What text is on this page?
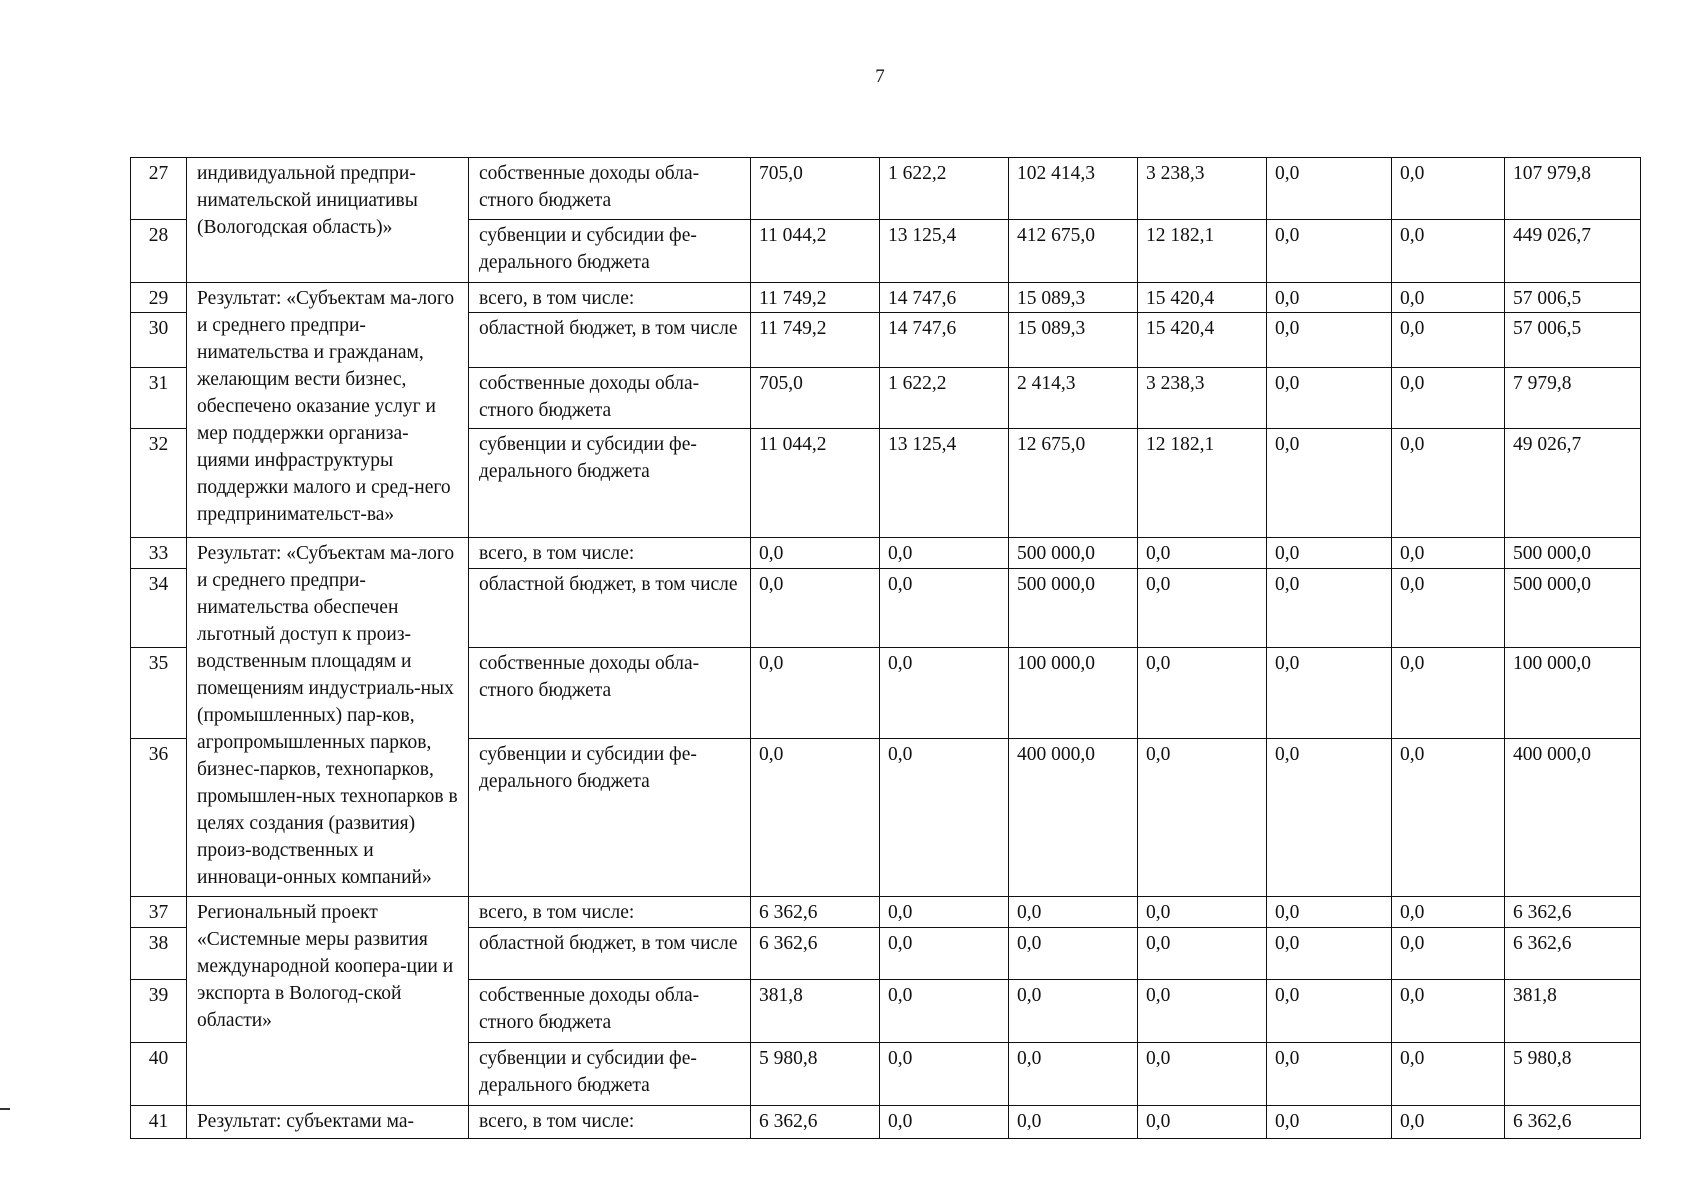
7
27	индивидуальной предпри-нимательской инициативы (Вологодская область)»	собственные доходы обла-стного бюджета	705,0	1 622,2	102 414,3	3 238,3	0,0	0,0	107 979,8
28		субвенции и субсидии фе-дерального бюджета	11 044,2	13 125,4	412 675,0	12 182,1	0,0	0,0	449 026,7
29	Результат: «Субъектам ма-лого и среднего предпри-нимательства и гражданам, желающим вести бизнес, обеспечено оказание услуг и мер поддержки организа-циями инфраструктуры поддержки малого и сред-него предпринимательст-ва»	всего, в том числе:	11 749,2	14 747,6	15 089,3	15 420,4	0,0	0,0	57 006,5
30		областной бюджет, в том числе	11 749,2	14 747,6	15 089,3	15 420,4	0,0	0,0	57 006,5
31		собственные доходы обла-стного бюджета	705,0	1 622,2	2 414,3	3 238,3	0,0	0,0	7 979,8
32		субвенции и субсидии фе-дерального бюджета	11 044,2	13 125,4	12 675,0	12 182,1	0,0	0,0	49 026,7
33	Результат: «Субъектам ма-лого и среднего предпри-нимательства обеспечен льготный доступ к произ-водственным площадям и помещениям индустриаль-ных (промышленных) пар-ков, агропромышленных парков, бизнес-парков, технопарков, промышлен-ных технопарков в целях создания (развития) произ-водственных и инноваци-онных компаний»	всего, в том числе:	0,0	0,0	500 000,0	0,0	0,0	0,0	500 000,0
34		областной бюджет, в том числе	0,0	0,0	500 000,0	0,0	0,0	0,0	500 000,0
35		собственные доходы обла-стного бюджета	0,0	0,0	100 000,0	0,0	0,0	0,0	100 000,0
36		субвенции и субсидии фе-дерального бюджета	0,0	0,0	400 000,0	0,0	0,0	0,0	400 000,0
37	Региональный проект «Системные меры развития международной коопера-ции и экспорта в Вологод-ской области»	всего, в том числе:	6 362,6	0,0	0,0	0,0	0,0	0,0	6 362,6
38		областной бюджет, в том числе	6 362,6	0,0	0,0	0,0	0,0	0,0	6 362,6
39		собственные доходы обла-стного бюджета	381,8	0,0	0,0	0,0	0,0	0,0	381,8
40		субвенции и субсидии фе-дерального бюджета	5 980,8	0,0	0,0	0,0	0,0	0,0	5 980,8
41	Результат: субъектами ма-	всего, в том числе:	6 362,6	0,0	0,0	0,0	0,0	0,0	6 362,6
